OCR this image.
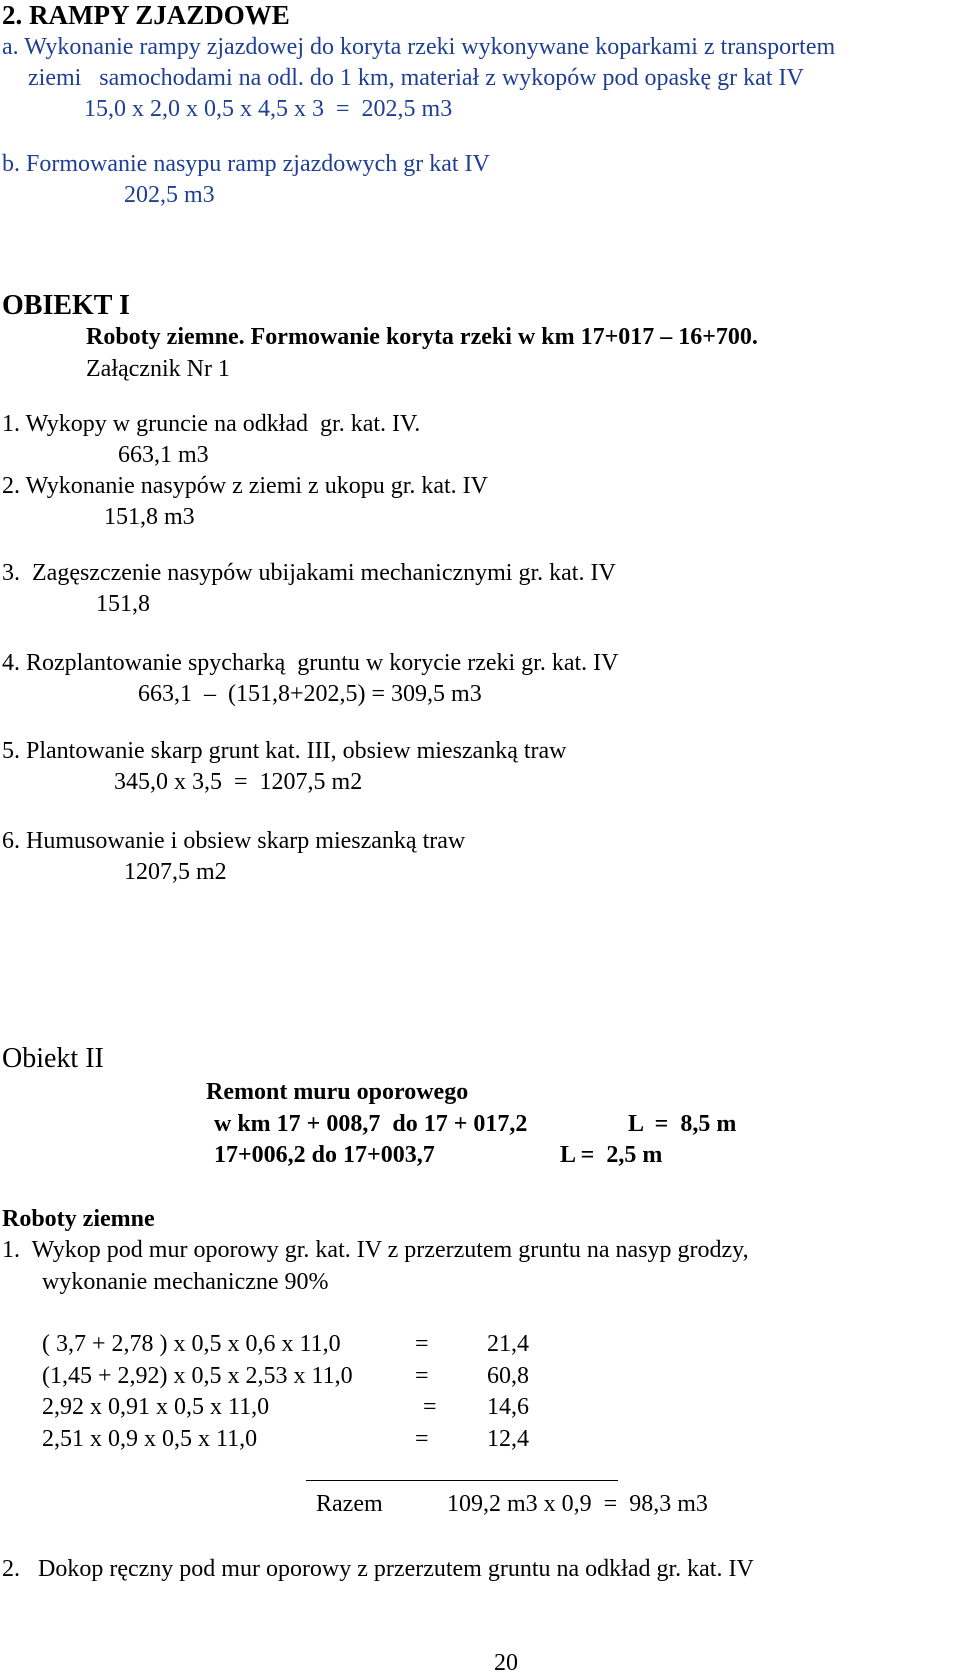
2. RAMPY ZJAZDOWE
a. Wykonanie rampy zjazdowej do koryta rzeki wykonywane koparkami z transportem
ziemi   samochodami na odl. do 1 km, materiał z wykopów pod opaskę gr kat IV
15,0 x 2,0 x 0,5 x 4,5 x 3  =  202,5 m3
b. Formowanie nasypu ramp zjazdowych gr kat IV
202,5 m3
OBIEKT I
Roboty ziemne. Formowanie koryta rzeki w km 17+017 – 16+700.
Załącznik Nr 1
1. Wykopy w gruncie na odkład  gr. kat. IV.
663,1 m3
2. Wykonanie nasypów z ziemi z ukopu gr. kat. IV
151,8 m3
3.  Zagęszczenie nasypów ubijakami mechanicznymi gr. kat. IV
151,8
4. Rozplantowanie spycharką  gruntu w korycie rzeki gr. kat. IV
663,1  –  (151,8+202,5) = 309,5 m3
5. Plantowanie skarp grunt kat. III, obsiew mieszanką traw
345,0 x 3,5  =  1207,5 m2
6. Humusowanie i obsiew skarp mieszanką traw
1207,5 m2
Obiekt II
Remont muru oporowego
w km 17 + 008,7  do 17 + 017,2	L  =  8,5 m
17+006,2 do 17+003,7	L =  2,5 m
Roboty ziemne
1.  Wykop pod mur oporowy gr. kat. IV z przerzutem gruntu na nasyp grodzy,
wykonanie mechaniczne 90%
( 3,7 + 2,78 ) x 0,5 x 0,6 x 11,0	= 21,4
(1,45 + 2,92) x 0,5 x 2,53 x 11,0	= 60,8
2,92 x 0,91 x 0,5 x 11,0	= 14,6
2,51 x 0,9 x 0,5 x 11,0	= 12,4
Razem	109,2 m3 x 0,9  =  98,3 m3
2.   Dokop ręczny pod mur oporowy z przerzutem gruntu na odkład gr. kat. IV
20
